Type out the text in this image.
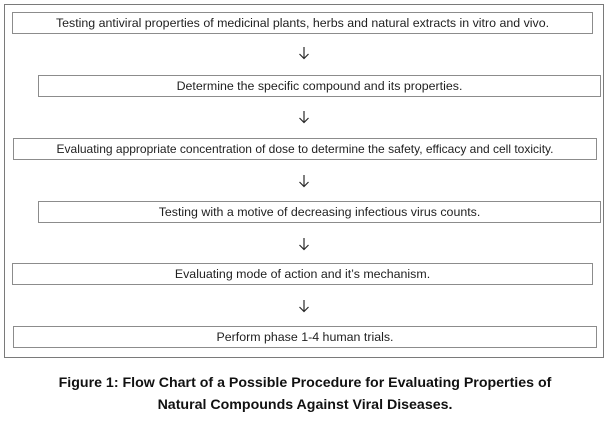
Testing antiviral properties of medicinal plants, herbs and natural extracts in vitro and vivo.
Determine the specific compound and its properties.
Evaluating appropriate concentration of dose to determine the safety, efficacy and cell toxicity.
Testing with a motive of decreasing infectious virus counts.
Evaluating mode of action and it’s mechanism.
Perform phase 1-4 human trials.
Figure 1: Flow Chart of a Possible Procedure for Evaluating Properties of
Natural Compounds Against Viral Diseases.
